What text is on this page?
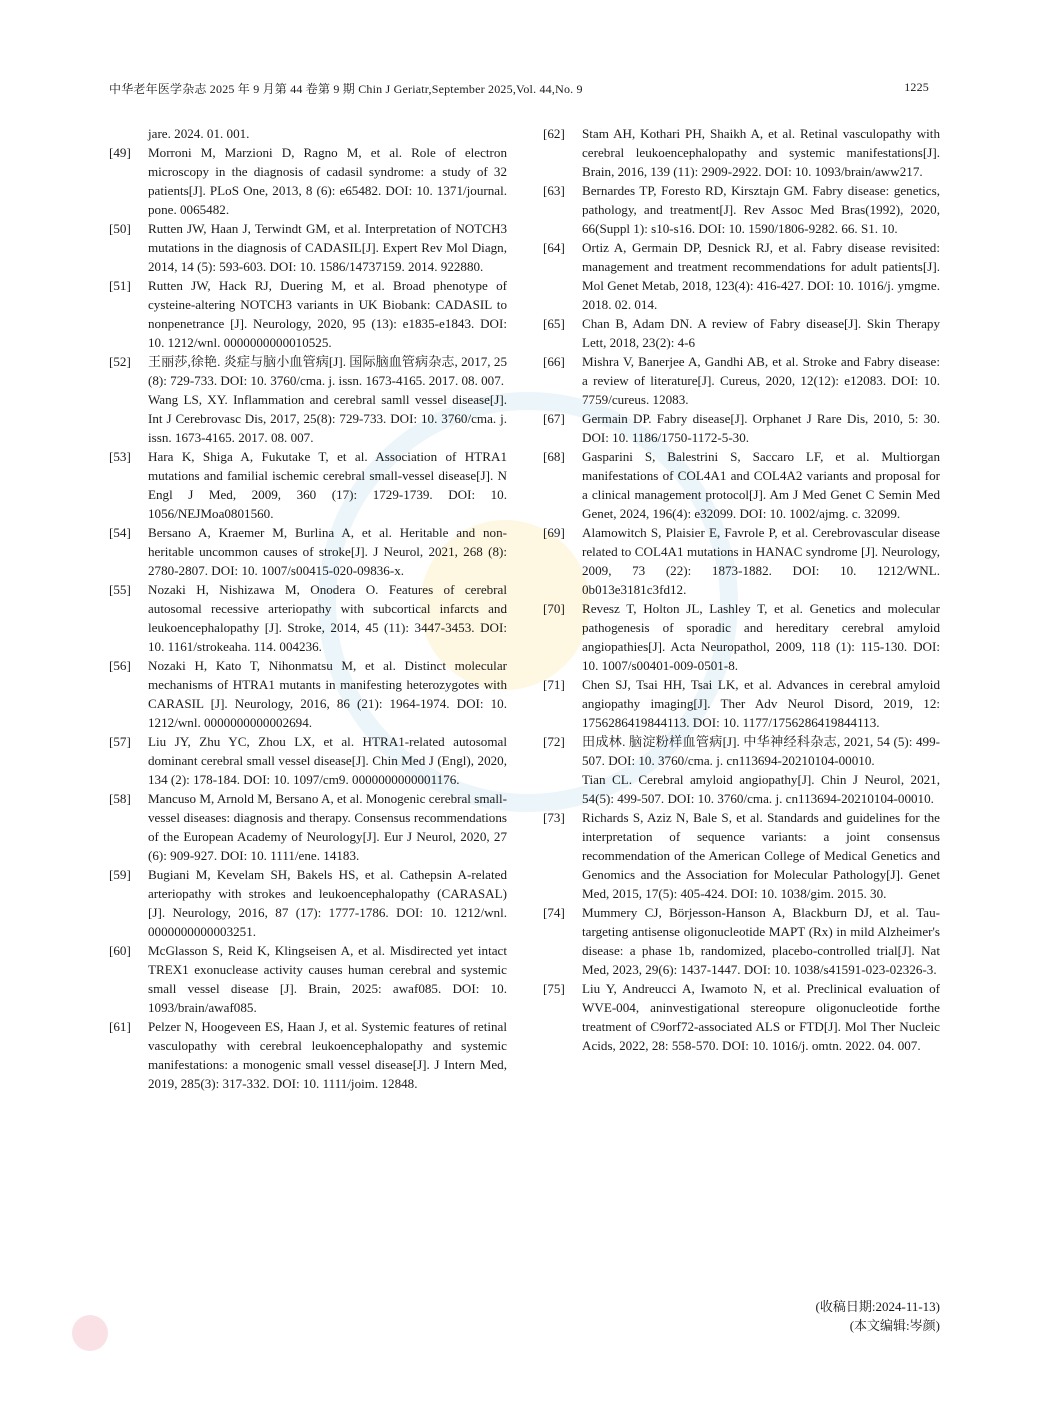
中华老年医学杂志 2025 年 9 月第 44 卷第 9 期 Chin J Geriatr,September 2025,Vol. 44,No. 9	1225

jare. 2024. 01. 001.

[49] Morroni M, Marzioni D, Ragno M, et al. Role of electron microscopy in the diagnosis of cadasil syndrome: a study of 32 patients[J]. PLoS One, 2013, 8 (6): e65482. DOI: 10. 1371/journal. pone. 0065482.

[50] Rutten JW, Haan J, Terwindt GM, et al. Interpretation of NOTCH3 mutations in the diagnosis of CADASIL[J]. Expert Rev Mol Diagn, 2014, 14 (5): 593-603. DOI: 10. 1586/14737159. 2014. 922880.

[51] Rutten JW, Hack RJ, Duering M, et al. Broad phenotype of cysteine-altering NOTCH3 variants in UK Biobank: CADASIL to nonpenetrance [J]. Neurology, 2020, 95 (13): e1835-e1843. DOI: 10. 1212/wnl. 0000000000010525.

[52] 王丽莎,徐艳. 炎症与脑小血管病[J]. 国际脑血管病杂志, 2017, 25 (8): 729-733. DOI: 10. 3760/cma. j. issn. 1673-4165. 2017. 08. 007.

Wang LS, XY. Inflammation and cerebral samll vessel disease[J]. Int J Cerebrovasc Dis, 2017, 25(8): 729-733. DOI: 10. 3760/cma. j. issn. 1673-4165. 2017. 08. 007.

[53] Hara K, Shiga A, Fukutake T, et al. Association of HTRA1 mutations and familial ischemic cerebral small-vessel disease[J]. N Engl J Med, 2009, 360 (17): 1729-1739. DOI: 10. 1056/NEJMoa0801560.

[54] Bersano A, Kraemer M, Burlina A, et al. Heritable and non-heritable uncommon causes of stroke[J]. J Neurol, 2021, 268 (8): 2780-2807. DOI: 10. 1007/s00415-020-09836-x.

[55] Nozaki H, Nishizawa M, Onodera O. Features of cerebral autosomal recessive arteriopathy with subcortical infarcts and leukoencephalopathy [J]. Stroke, 2014, 45 (11): 3447-3453. DOI: 10. 1161/strokeaha. 114. 004236.

[56] Nozaki H, Kato T, Nihonmatsu M, et al. Distinct molecular mechanisms of HTRA1 mutants in manifesting heterozygotes with CARASIL [J]. Neurology, 2016, 86 (21): 1964-1974. DOI: 10. 1212/wnl. 0000000000002694.

[57] Liu JY, Zhu YC, Zhou LX, et al. HTRA1-related autosomal dominant cerebral small vessel disease[J]. Chin Med J (Engl), 2020, 134 (2): 178-184. DOI: 10. 1097/cm9. 0000000000001176.

[58] Mancuso M, Arnold M, Bersano A, et al. Monogenic cerebral small-vessel diseases: diagnosis and therapy. Consensus recommendations of the European Academy of Neurology[J]. Eur J Neurol, 2020, 27 (6): 909-927. DOI: 10. 1111/ene. 14183.

[59] Bugiani M, Kevelam SH, Bakels HS, et al. Cathepsin A-related arteriopathy with strokes and leukoencephalopathy (CARASAL) [J]. Neurology, 2016, 87 (17): 1777-1786. DOI: 10. 1212/wnl. 0000000000003251.

[60] McGlasson S, Reid K, Klingseisen A, et al. Misdirected yet intact TREX1 exonuclease activity causes human cerebral and systemic small vessel disease [J]. Brain, 2025: awaf085. DOI: 10. 1093/brain/awaf085.

[61] Pelzer N, Hoogeveen ES, Haan J, et al. Systemic features of retinal vasculopathy with cerebral leukoencephalopathy and systemic manifestations: a monogenic small vessel disease[J]. J Intern Med, 2019, 285(3): 317-332. DOI: 10. 1111/joim. 12848.

[62] Stam AH, Kothari PH, Shaikh A, et al. Retinal vasculopathy with cerebral leukoencephalopathy and systemic manifestations[J]. Brain, 2016, 139 (11): 2909-2922. DOI: 10. 1093/brain/aww217.

[63] Bernardes TP, Foresto RD, Kirsztajn GM. Fabry disease: genetics, pathology, and treatment[J]. Rev Assoc Med Bras(1992), 2020, 66(Suppl 1): s10-s16. DOI: 10. 1590/1806-9282. 66. S1. 10.

[64] Ortiz A, Germain DP, Desnick RJ, et al. Fabry disease revisited: management and treatment recommendations for adult patients[J]. Mol Genet Metab, 2018, 123(4): 416-427. DOI: 10. 1016/j. ymgme. 2018. 02. 014.

[65] Chan B, Adam DN. A review of Fabry disease[J]. Skin Therapy Lett, 2018, 23(2): 4-6

[66] Mishra V, Banerjee A, Gandhi AB, et al. Stroke and Fabry disease: a review of literature[J]. Cureus, 2020, 12(12): e12083. DOI: 10. 7759/cureus. 12083.

[67] Germain DP. Fabry disease[J]. Orphanet J Rare Dis, 2010, 5: 30. DOI: 10. 1186/1750-1172-5-30.

[68] Gasparini S, Balestrini S, Saccaro LF, et al. Multiorgan manifestations of COL4A1 and COL4A2 variants and proposal for a clinical management protocol[J]. Am J Med Genet C Semin Med Genet, 2024, 196(4): e32099. DOI: 10. 1002/ajmg. c. 32099.

[69] Alamowitch S, Plaisier E, Favrole P, et al. Cerebrovascular disease related to COL4A1 mutations in HANAC syndrome [J]. Neurology, 2009, 73 (22): 1873-1882. DOI: 10. 1212/WNL. 0b013e3181c3fd12.

[70] Revesz T, Holton JL, Lashley T, et al. Genetics and molecular pathogenesis of sporadic and hereditary cerebral amyloid angiopathies[J]. Acta Neuropathol, 2009, 118 (1): 115-130. DOI: 10. 1007/s00401-009-0501-8.

[71] Chen SJ, Tsai HH, Tsai LK, et al. Advances in cerebral amyloid angiopathy imaging[J]. Ther Adv Neurol Disord, 2019, 12: 1756286419844113. DOI: 10. 1177/1756286419844113.

[72] 田成林. 脑淀粉样血管病[J]. 中华神经科杂志, 2021, 54 (5): 499-507. DOI: 10. 3760/cma. j. cn113694-20210104-00010.

Tian CL. Cerebral amyloid angiopathy[J]. Chin J Neurol, 2021, 54(5): 499-507. DOI: 10. 3760/cma. j. cn113694-20210104-00010.

[73] Richards S, Aziz N, Bale S, et al. Standards and guidelines for the interpretation of sequence variants: a joint consensus recommendation of the American College of Medical Genetics and Genomics and the Association for Molecular Pathology[J]. Genet Med, 2015, 17(5): 405-424. DOI: 10. 1038/gim. 2015. 30.

[74] Mummery CJ, Börjesson-Hanson A, Blackburn DJ, et al. Tau-targeting antisense oligonucleotide MAPT (Rx) in mild Alzheimer's disease: a phase 1b, randomized, placebo-controlled trial[J]. Nat Med, 2023, 29(6): 1437-1447. DOI: 10. 1038/s41591-023-02326-3.

[75] Liu Y, Andreucci A, Iwamoto N, et al. Preclinical evaluation of WVE-004, aninvestigational stereopure oligonucleotide forthe treatment of C9orf72-associated ALS or FTD[J]. Mol Ther Nucleic Acids, 2022, 28: 558-570. DOI: 10. 1016/j. omtn. 2022. 04. 007.

(收稿日期:2024-11-13)
(本文编辑:岑颜)
